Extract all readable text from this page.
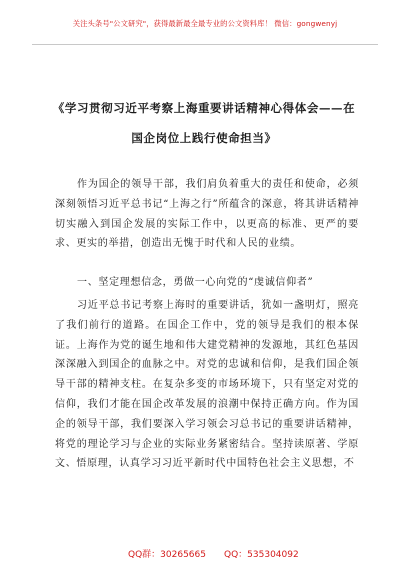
关注头条号"公文研究"，获得最新最全最专业的公文资料库！ 微信：gongwenyj
《学习贯彻习近平考察上海重要讲话精神心得体会——在
国企岗位上践行使命担当》

作为国企的领导干部，我们肩负着重大的责任和使命，必须深刻领悟习近平总书记“上海之行”所蕴含的深意，将其讲话精神切实融入到国企发展的实际工作中，以更高的标准、更严的要求、更实的举措，创造出无愧于时代和人民的业绩。

一、坚定理想信念，勇做一心向党的“虔诚信仰者”

习近平总书记考察上海时的重要讲话，犹如一盏明灯，照亮了我们前行的道路。在国企工作中，党的领导是我们的根本保证。上海作为党的诞生地和伟大建党精神的发源地，其红色基因深深融入到国企的血脉之中。对党的忠诚和信仰，是我们国企领导干部的精神支柱。在复杂多变的市场环境下，只有坚定对党的信仰，我们才能在国企改革发展的浪潮中保持正确方向。作为国企的领导干部，我们要深入学习领会习总书记的重要讲话精神，将党的理论学习与企业的实际业务紧密结合。坚持读原著、学原文、悟原理，认真学习习近平新时代中国特色社会主义思想，不

QQ群：30265665 QQ：535304092
